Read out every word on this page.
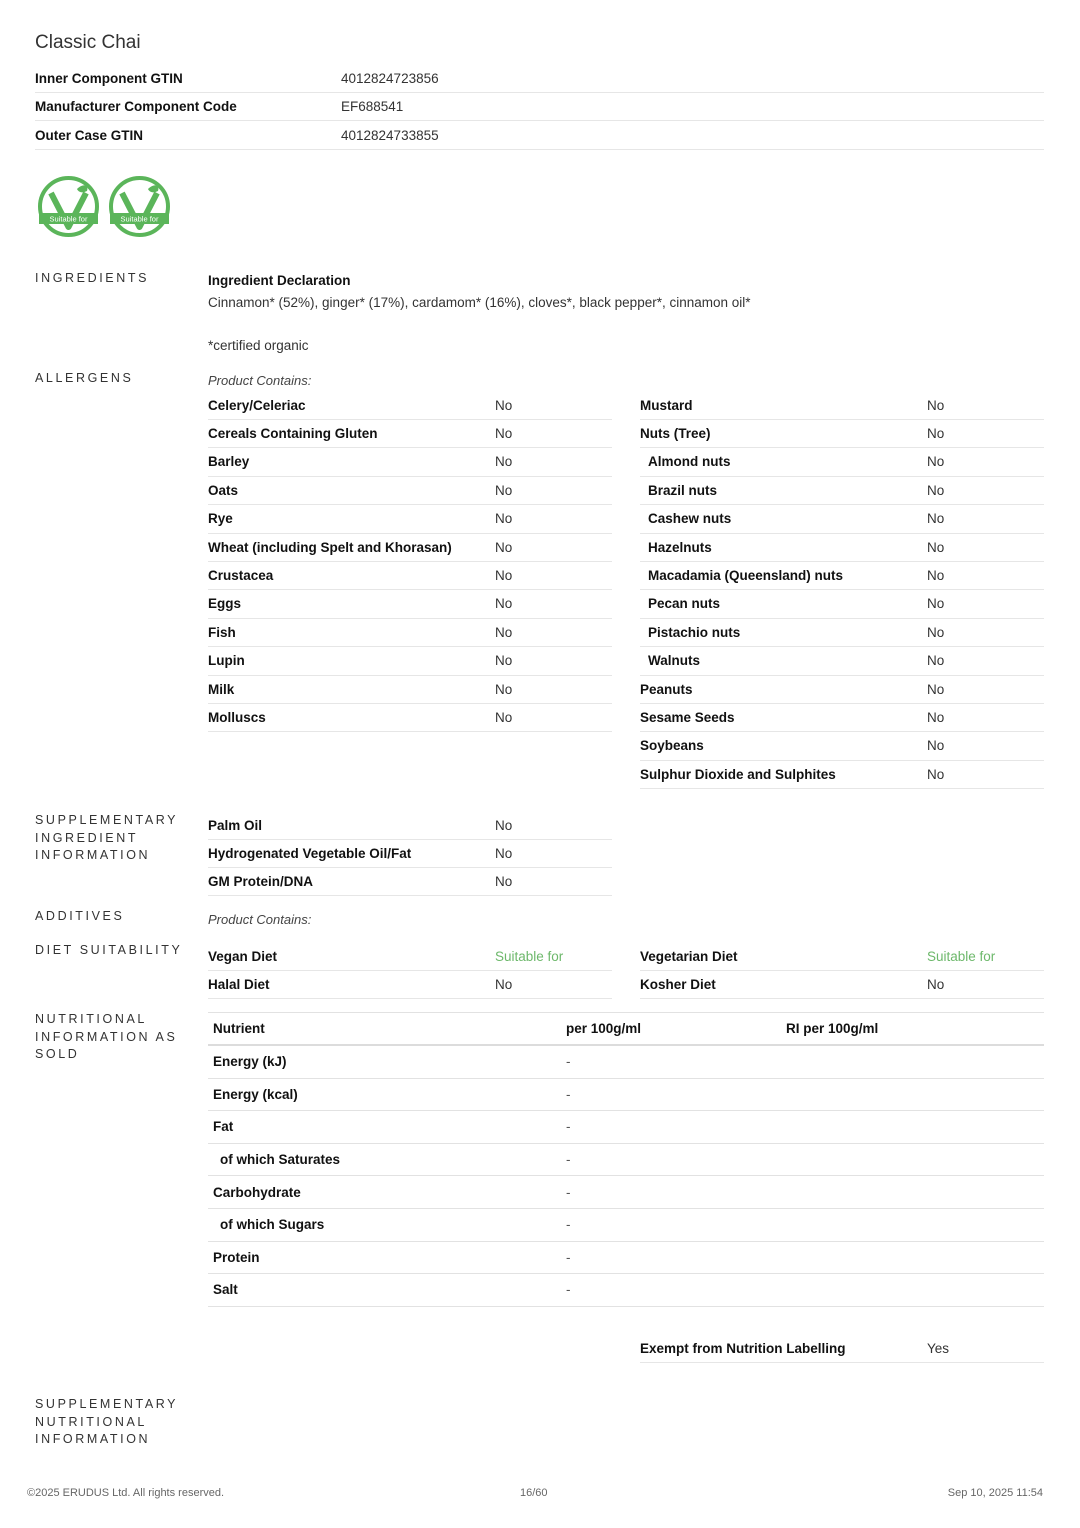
Classic Chai
Inner Component GTIN	4012824723856
Manufacturer Component Code	EF688541
Outer Case GTIN	4012824733855
Suitable for	Suitable for
INGREDIENTS
ALLERGENS
SUPPLEMENTARY INGREDIENT INFORMATION
ADDITIVES
DIET SUITABILITY
NUTRITIONAL INFORMATION AS SOLD
SUPPLEMENTARY NUTRITIONAL INFORMATION
Ingredient Declaration
Cinnamon* (52%), ginger* (17%), cardamom* (16%), cloves*, black pepper*, cinnamon oil*
*certified organic
Product Contains:
Celery/Celeriac	No
Cereals Containing Gluten	No
Barley	No
Oats	No
Rye	No
Wheat (including Spelt and Khorasan)	No
Crustacea	No
Eggs	No
Fish	No
Lupin	No
Milk	No
Molluscs	No
Mustard	No
Nuts (Tree)	No
Almond nuts	No
Brazil nuts	No
Cashew nuts	No
Hazelnuts	No
Macadamia (Queensland) nuts	No
Pecan nuts	No
Pistachio nuts	No
Walnuts	No
Peanuts	No
Sesame Seeds	No
Soybeans	No
Sulphur Dioxide and Sulphites	No
Palm Oil	No
Hydrogenated Vegetable Oil/Fat	No
GM Protein/DNA	No
Product Contains:
Vegan Diet	Suitable for	Vegetarian Diet	Suitable for
Halal Diet	No	Kosher Diet	No
Nutrient	per 100g/ml	RI per 100g/ml
Energy (kJ)	-
Energy (kcal)	-
Fat	-
of which Saturates	-
Carbohydrate	-
of which Sugars	-
Protein	-
Salt	-
Exempt from Nutrition Labelling	Yes
©2025 ERUDUS Ltd. All rights reserved.	16/60	Sep 10, 2025 11:54
